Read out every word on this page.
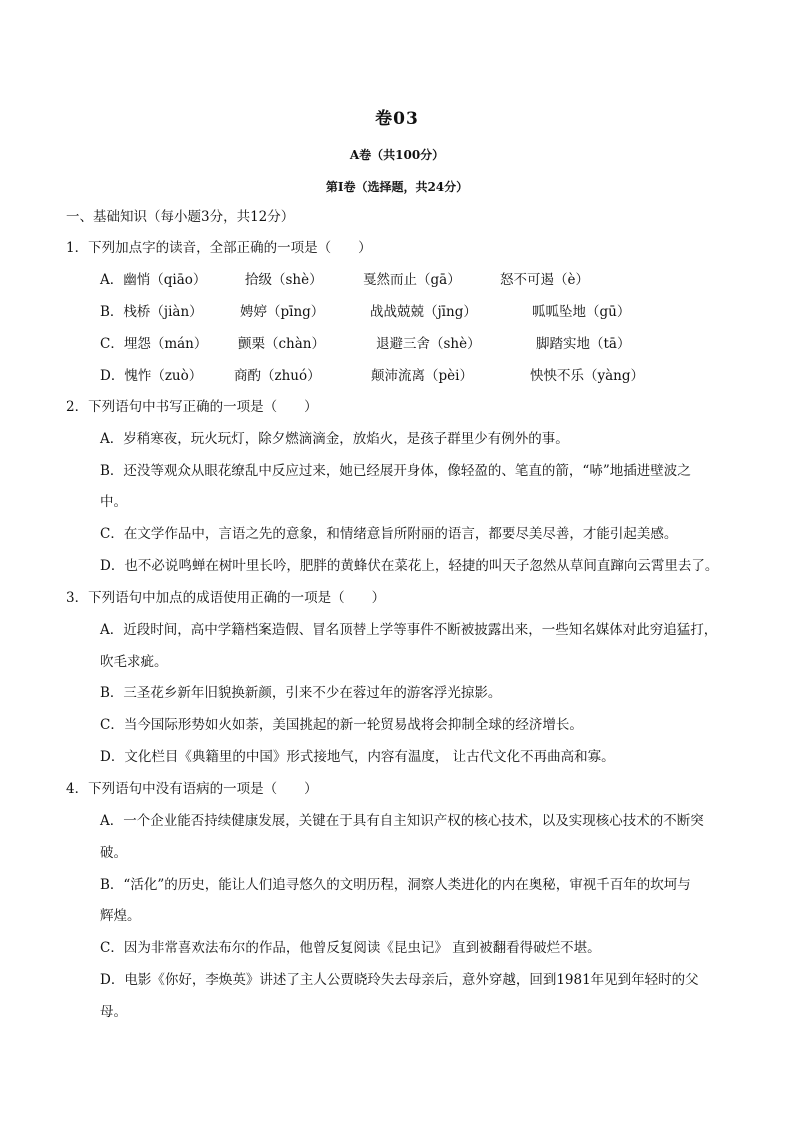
卷03
A卷（共100分）
第I卷（选择题，共24分）
一、基础知识（每小题3分，共12分）
1．下列加点字的读音，全部正确的一项是（　　）
A．幽悄（qiāo）	拾级（shè）	戛然而止（gā）	怒不可遏（è）
B．栈桥（jiàn）	娉婷（pīng）	战战兢兢（jīng）	呱呱坠地（gū）
C．埋怨（mán） 颤栗（chàn）	退避三舍（shè）	脚踏实地（tā）
D．愧怍（zuò） 商酌（zhuó）	颠沛流离（pèi）	怏怏不乐（yàng）
2．下列语句中书写正确的一项是（　　）
A．岁稍寒夜，玩火玩灯，除夕燃滴滴金，放焰火，是孩子群里少有例外的事。
B．还没等观众从眼花缭乱中反应过来，她已经展开身体，像轻盈的、笔直的箭，“哧”地插进壁波之
中。
C．在文学作品中，言语之先的意象，和情绪意旨所附丽的语言，都要尽美尽善，才能引起美感。
D．也不必说鸣蝉在树叶里长吟，肥胖的黄蜂伏在菜花上，轻捷的叫天子忽然从草间直蹿向云霄里去了。
3．下列语句中加点的成语使用正确的一项是（　　）
A．近段时间，高中学籍档案造假、冒名顶替上学等事件不断被披露出来，一些知名媒体对此穷追猛打，
吹毛求疵。
B．三圣花乡新年旧貌换新颜，引来不少在蓉过年的游客浮光掠影。
C．当今国际形势如火如荼，美国挑起的新一轮贸易战将会抑制全球的经济增长。
D．文化栏目《典籍里的中国》形式接地气，内容有温度， 让古代文化不再曲高和寡。
4．下列语句中没有语病的一项是（　　）
A．一个企业能否持续健康发展，关键在于具有自主知识产权的核心技术，以及实现核心技术的不断突
破。
B．“活化”的历史，能让人们追寻悠久的文明历程，洞察人类进化的内在奥秘，审视千百年的坎坷与
辉煌。
C．因为非常喜欢法布尔的作品，他曾反复阅读《昆虫记》 直到被翻看得破烂不堪。
D．电影《你好，李焕英》讲述了主人公贾晓玲失去母亲后，意外穿越，回到1981年见到年轻时的父
母。
